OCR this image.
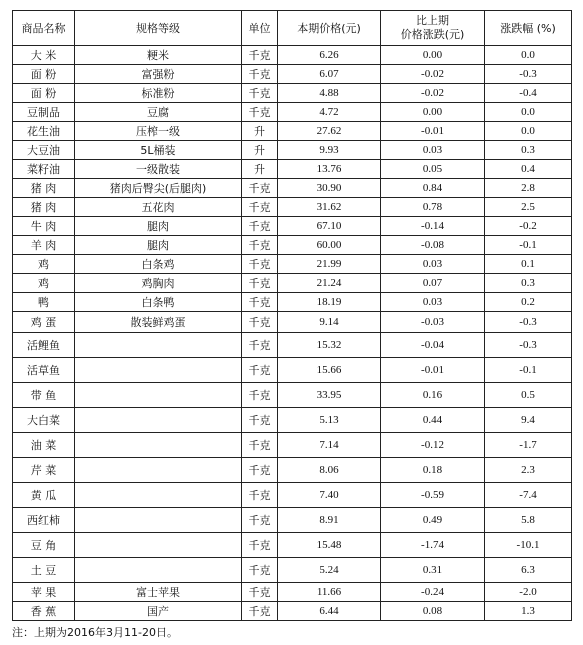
商品名称	规格等级	单位	本期价格(元)	比上期
价格涨跌(元)	涨跌幅 (%)
大 米	粳米	千克	6.26	0.00	0.0
面 粉	富强粉	千克	6.07	-0.02	-0.3
面 粉	标准粉	千克	4.88	-0.02	-0.4
豆制品	豆腐	千克	4.72	0.00	0.0
花生油	压榨一级	升	27.62	-0.01	0.0
大豆油	5L桶装	升	9.93	0.03	0.3
菜籽油	一级散装	升	13.76	0.05	0.4
猪 肉	猪肉后臀尖(后腿肉)	千克	30.90	0.84	2.8
猪 肉	五花肉	千克	31.62	0.78	2.5
牛 肉	腿肉	千克	67.10	-0.14	-0.2
羊 肉	腿肉	千克	60.00	-0.08	-0.1
鸡	白条鸡	千克	21.99	0.03	0.1
鸡	鸡胸肉	千克	21.24	0.07	0.3
鸭	白条鸭	千克	18.19	0.03	0.2
鸡 蛋	散装鲜鸡蛋	千克	9.14	-0.03	-0.3
活鲤鱼		千克	15.32	-0.04	-0.3
活草鱼		千克	15.66	-0.01	-0.1
带 鱼		千克	33.95	0.16	0.5
大白菜		千克	5.13	0.44	9.4
油 菜		千克	7.14	-0.12	-1.7
芹 菜		千克	8.06	0.18	2.3
黄 瓜		千克	7.40	-0.59	-7.4
西红柿		千克	8.91	0.49	5.8
豆 角		千克	15.48	-1.74	-10.1
土 豆		千克	5.24	0.31	6.3
苹 果	富士苹果	千克	11.66	-0.24	-2.0
香 蕉	国产	千克	6.44	0.08	1.3
注：上期为2016年3月11-20日。
